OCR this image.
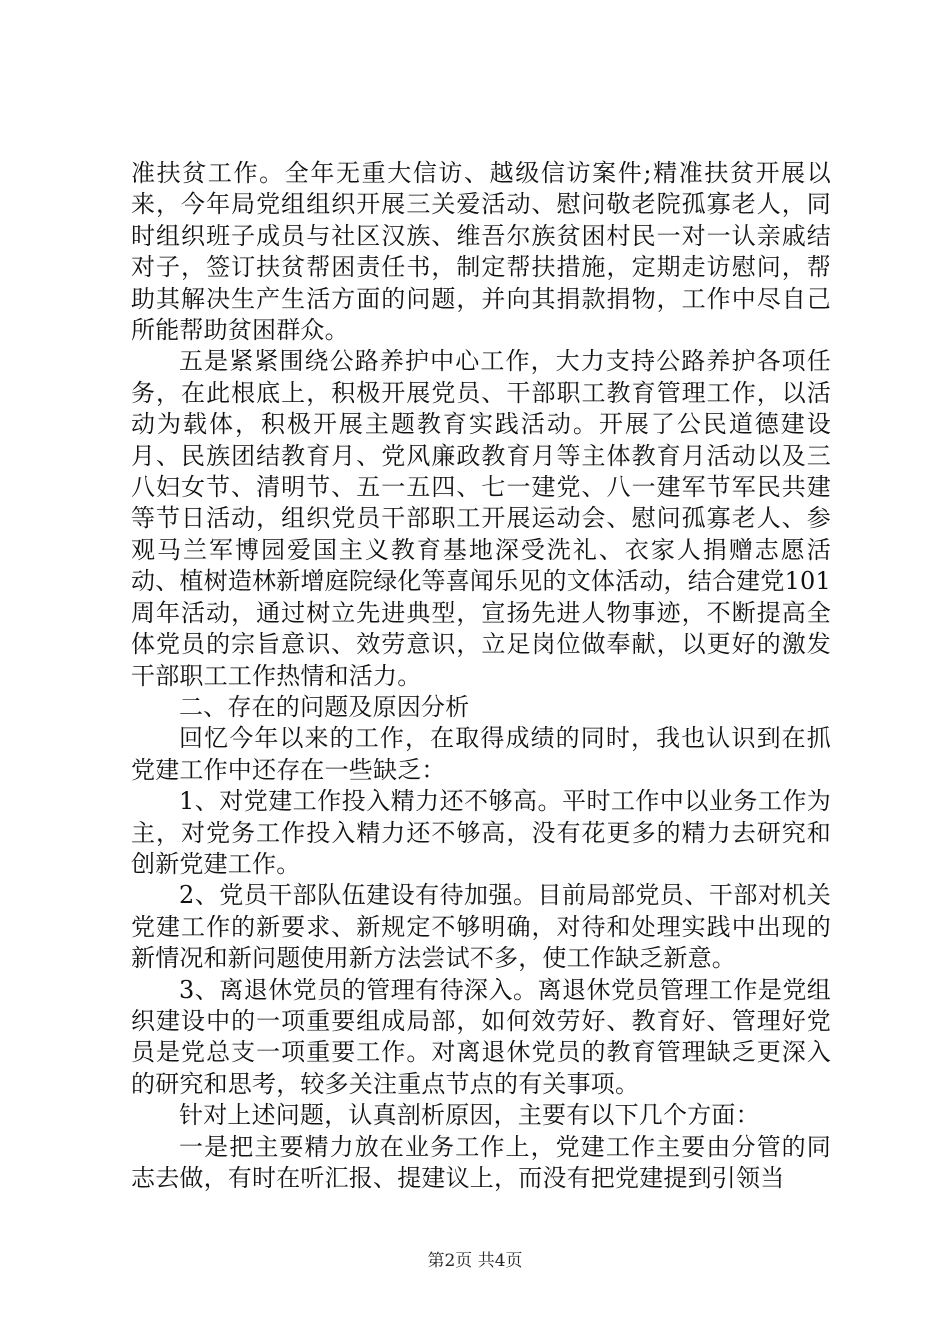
准扶贫工作。全年无重大信访、越级信访案件;精准扶贫开展以来，今年局党组组织开展三关爱活动、慰问敬老院孤寡老人，同时组织班子成员与社区汉族、维吾尔族贫困村民一对一认亲戚结对子，签订扶贫帮困责任书，制定帮扶措施，定期走访慰问，帮助其解决生产生活方面的问题，并向其捐款捐物，工作中尽自己所能帮助贫困群众。

五是紧紧围绕公路养护中心工作，大力支持公路养护各项任务，在此根底上，积极开展党员、干部职工教育管理工作，以活动为载体，积极开展主题教育实践活动。开展了公民道德建设月、民族团结教育月、党风廉政教育月等主体教育月活动以及三八妇女节、清明节、五一五四、七一建党、八一建军节军民共建等节日活动，组织党员干部职工开展运动会、慰问孤寡老人、参观马兰军博园爱国主义教育基地深受洗礼、衣家人捐赠志愿活动、植树造林新增庭院绿化等喜闻乐见的文体活动，结合建党101周年活动，通过树立先进典型，宣扬先进人物事迹，不断提高全体党员的宗旨意识、效劳意识，立足岗位做奉献，以更好的激发干部职工工作热情和活力。

二、存在的问题及原因分析

回忆今年以来的工作，在取得成绩的同时，我也认识到在抓党建工作中还存在一些缺乏：

1、对党建工作投入精力还不够高。平时工作中以业务工作为主，对党务工作投入精力还不够高，没有花更多的精力去研究和创新党建工作。

2、党员干部队伍建设有待加强。目前局部党员、干部对机关党建工作的新要求、新规定不够明确，对待和处理实践中出现的新情况和新问题使用新方法尝试不多，使工作缺乏新意。

3、离退休党员的管理有待深入。离退休党员管理工作是党组织建设中的一项重要组成局部，如何效劳好、教育好、管理好党员是党总支一项重要工作。对离退休党员的教育管理缺乏更深入的研究和思考，较多关注重点节点的有关事项。

针对上述问题，认真剖析原因，主要有以下几个方面：

一是把主要精力放在业务工作上，党建工作主要由分管的同志去做，有时在听汇报、提建议上，而没有把党建提到引领当

第2页 共4页
